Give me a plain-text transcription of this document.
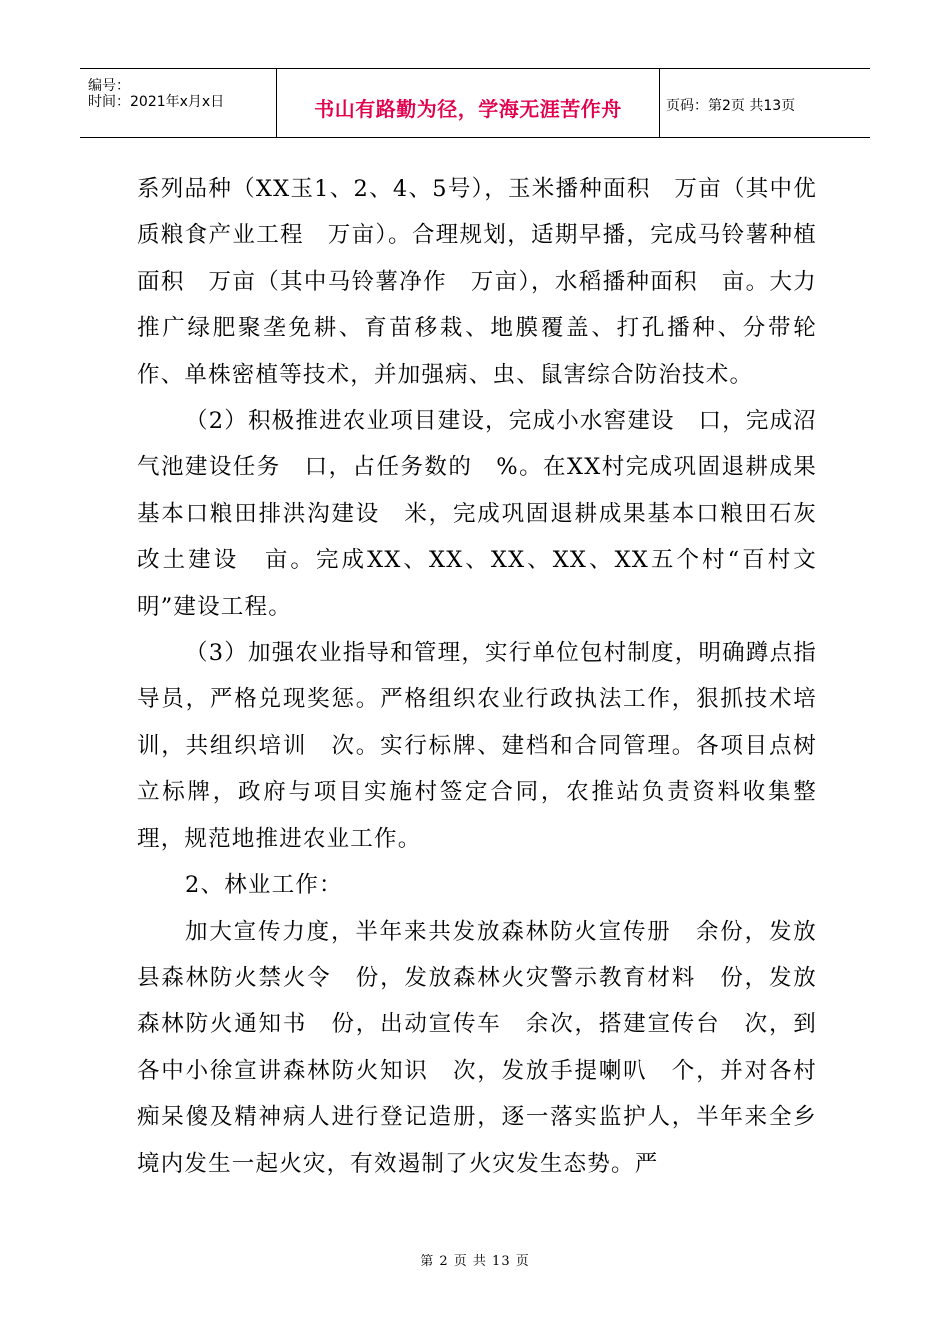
编号：
时间：2021年x月x日	书山有路勤为径，学海无涯苦作舟	页码：第2页 共13页

系列品种（XX玉1、2、4、5号），玉米播种面积　万亩（其中优质粮食产业工程　万亩）。合理规划，适期早播，完成马铃薯种植面积　万亩（其中马铃薯净作　万亩），水稻播种面积　亩。大力推广绿肥聚垄免耕、育苗移栽、地膜覆盖、打孔播种、分带轮作、单株密植等技术，并加强病、虫、鼠害综合防治技术。

（2）积极推进农业项目建设，完成小水窖建设　口，完成沼气池建设任务　口，占任务数的　%。在XX村完成巩固退耕成果基本口粮田排洪沟建设　米，完成巩固退耕成果基本口粮田石灰改土建设　亩。完成XX、XX、XX、XX、XX五个村“百村文明”建设工程。

（3）加强农业指导和管理，实行单位包村制度，明确蹲点指导员，严格兑现奖惩。严格组织农业行政执法工作，狠抓技术培训，共组织培训　次。实行标牌、建档和合同管理。各项目点树立标牌，政府与项目实施村签定合同，农推站负责资料收集整理，规范地推进农业工作。

2、林业工作：

加大宣传力度，半年来共发放森林防火宣传册　余份，发放县森林防火禁火令　份，发放森林火灾警示教育材料　份，发放森林防火通知书　份，出动宣传车　余次，搭建宣传台　次，到各中小徐宣讲森林防火知识　次，发放手提喇叭　个，并对各村痴呆傻及精神病人进行登记造册，逐一落实监护人，半年来全乡境内发生一起火灾，有效遏制了火灾发生态势。严

第 2 页 共 13 页
